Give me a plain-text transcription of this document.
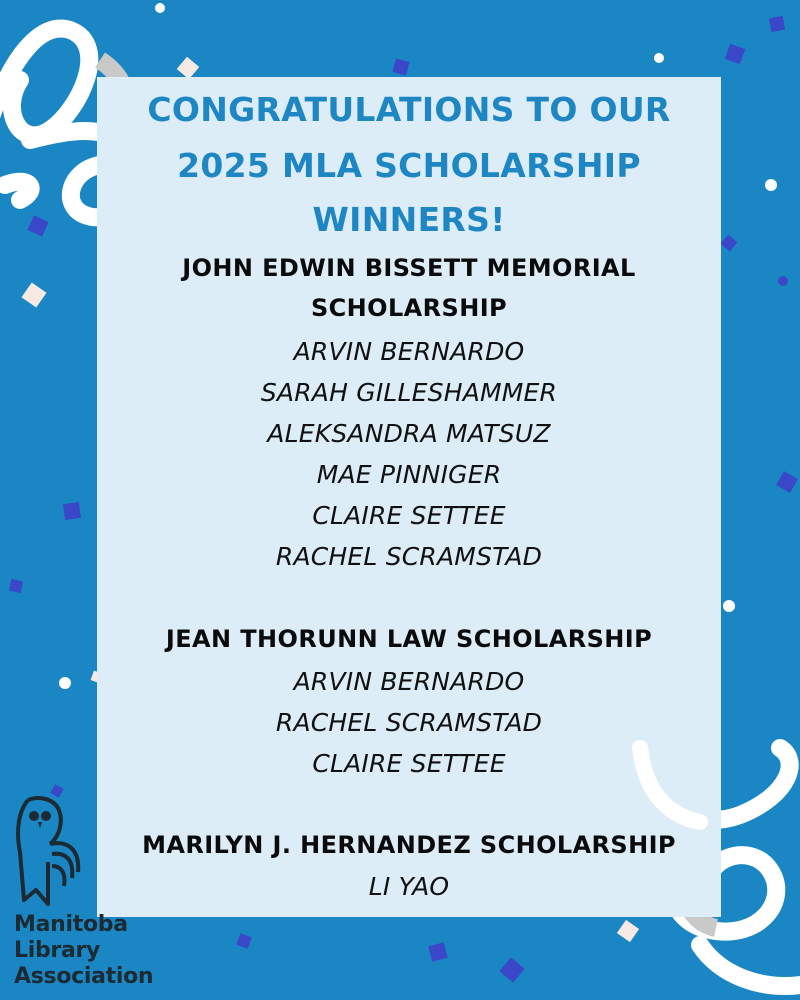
CONGRATULATIONS TO OUR

2025 MLA SCHOLARSHIP

WINNERS!

JOHN EDWIN BISSETT MEMORIAL

SCHOLARSHIP

ARVIN BERNARDO

SARAH GILLESHAMMER

ALEKSANDRA MATSUZ

MAE PINNIGER

CLAIRE SETTEE

RACHEL SCRAMSTAD

JEAN THORUNN LAW SCHOLARSHIP

ARVIN BERNARDO

RACHEL SCRAMSTAD

CLAIRE SETTEE

MARILYN J. HERNANDEZ SCHOLARSHIP

LI YAO

Manitoba

Library

Association
